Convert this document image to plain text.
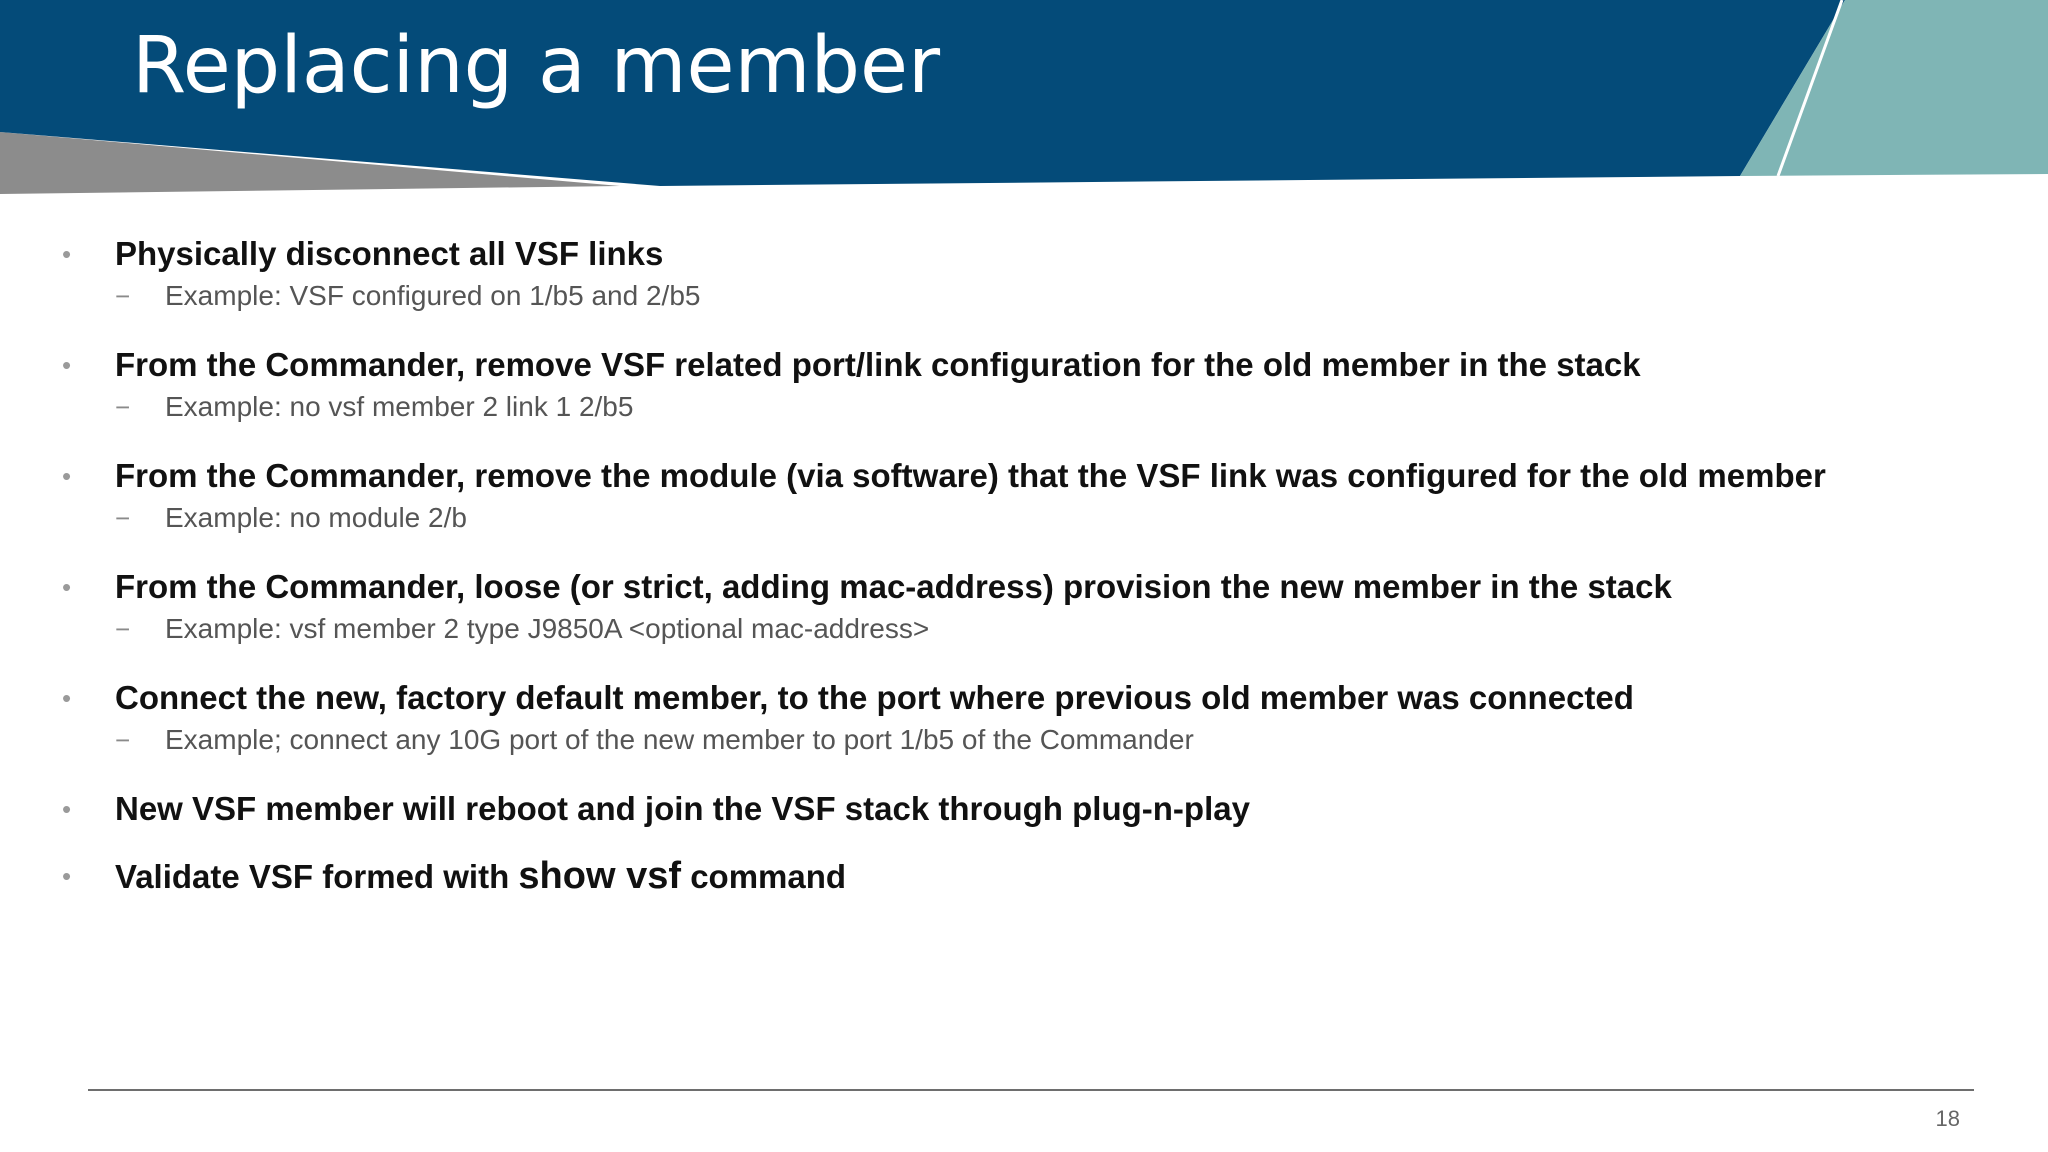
Replacing a member
• Physically disconnect all VSF links
− Example: VSF configured on 1/b5 and 2/b5
• From the Commander, remove VSF related port/link configuration for the old member in the stack
− Example: no vsf member 2 link 1 2/b5
• From the Commander, remove the module (via software) that the VSF link was configured for the old member
− Example: no module 2/b
• From the Commander, loose (or strict, adding mac-address) provision the new member in the stack
− Example: vsf member 2 type J9850A <optional mac-address>
• Connect the new, factory default member, to the port where previous old member was connected
− Example; connect any 10G port of the new member to port 1/b5 of the Commander
• New VSF member will reboot and join the VSF stack through plug-n-play
• Validate VSF formed with show vsf command
18
